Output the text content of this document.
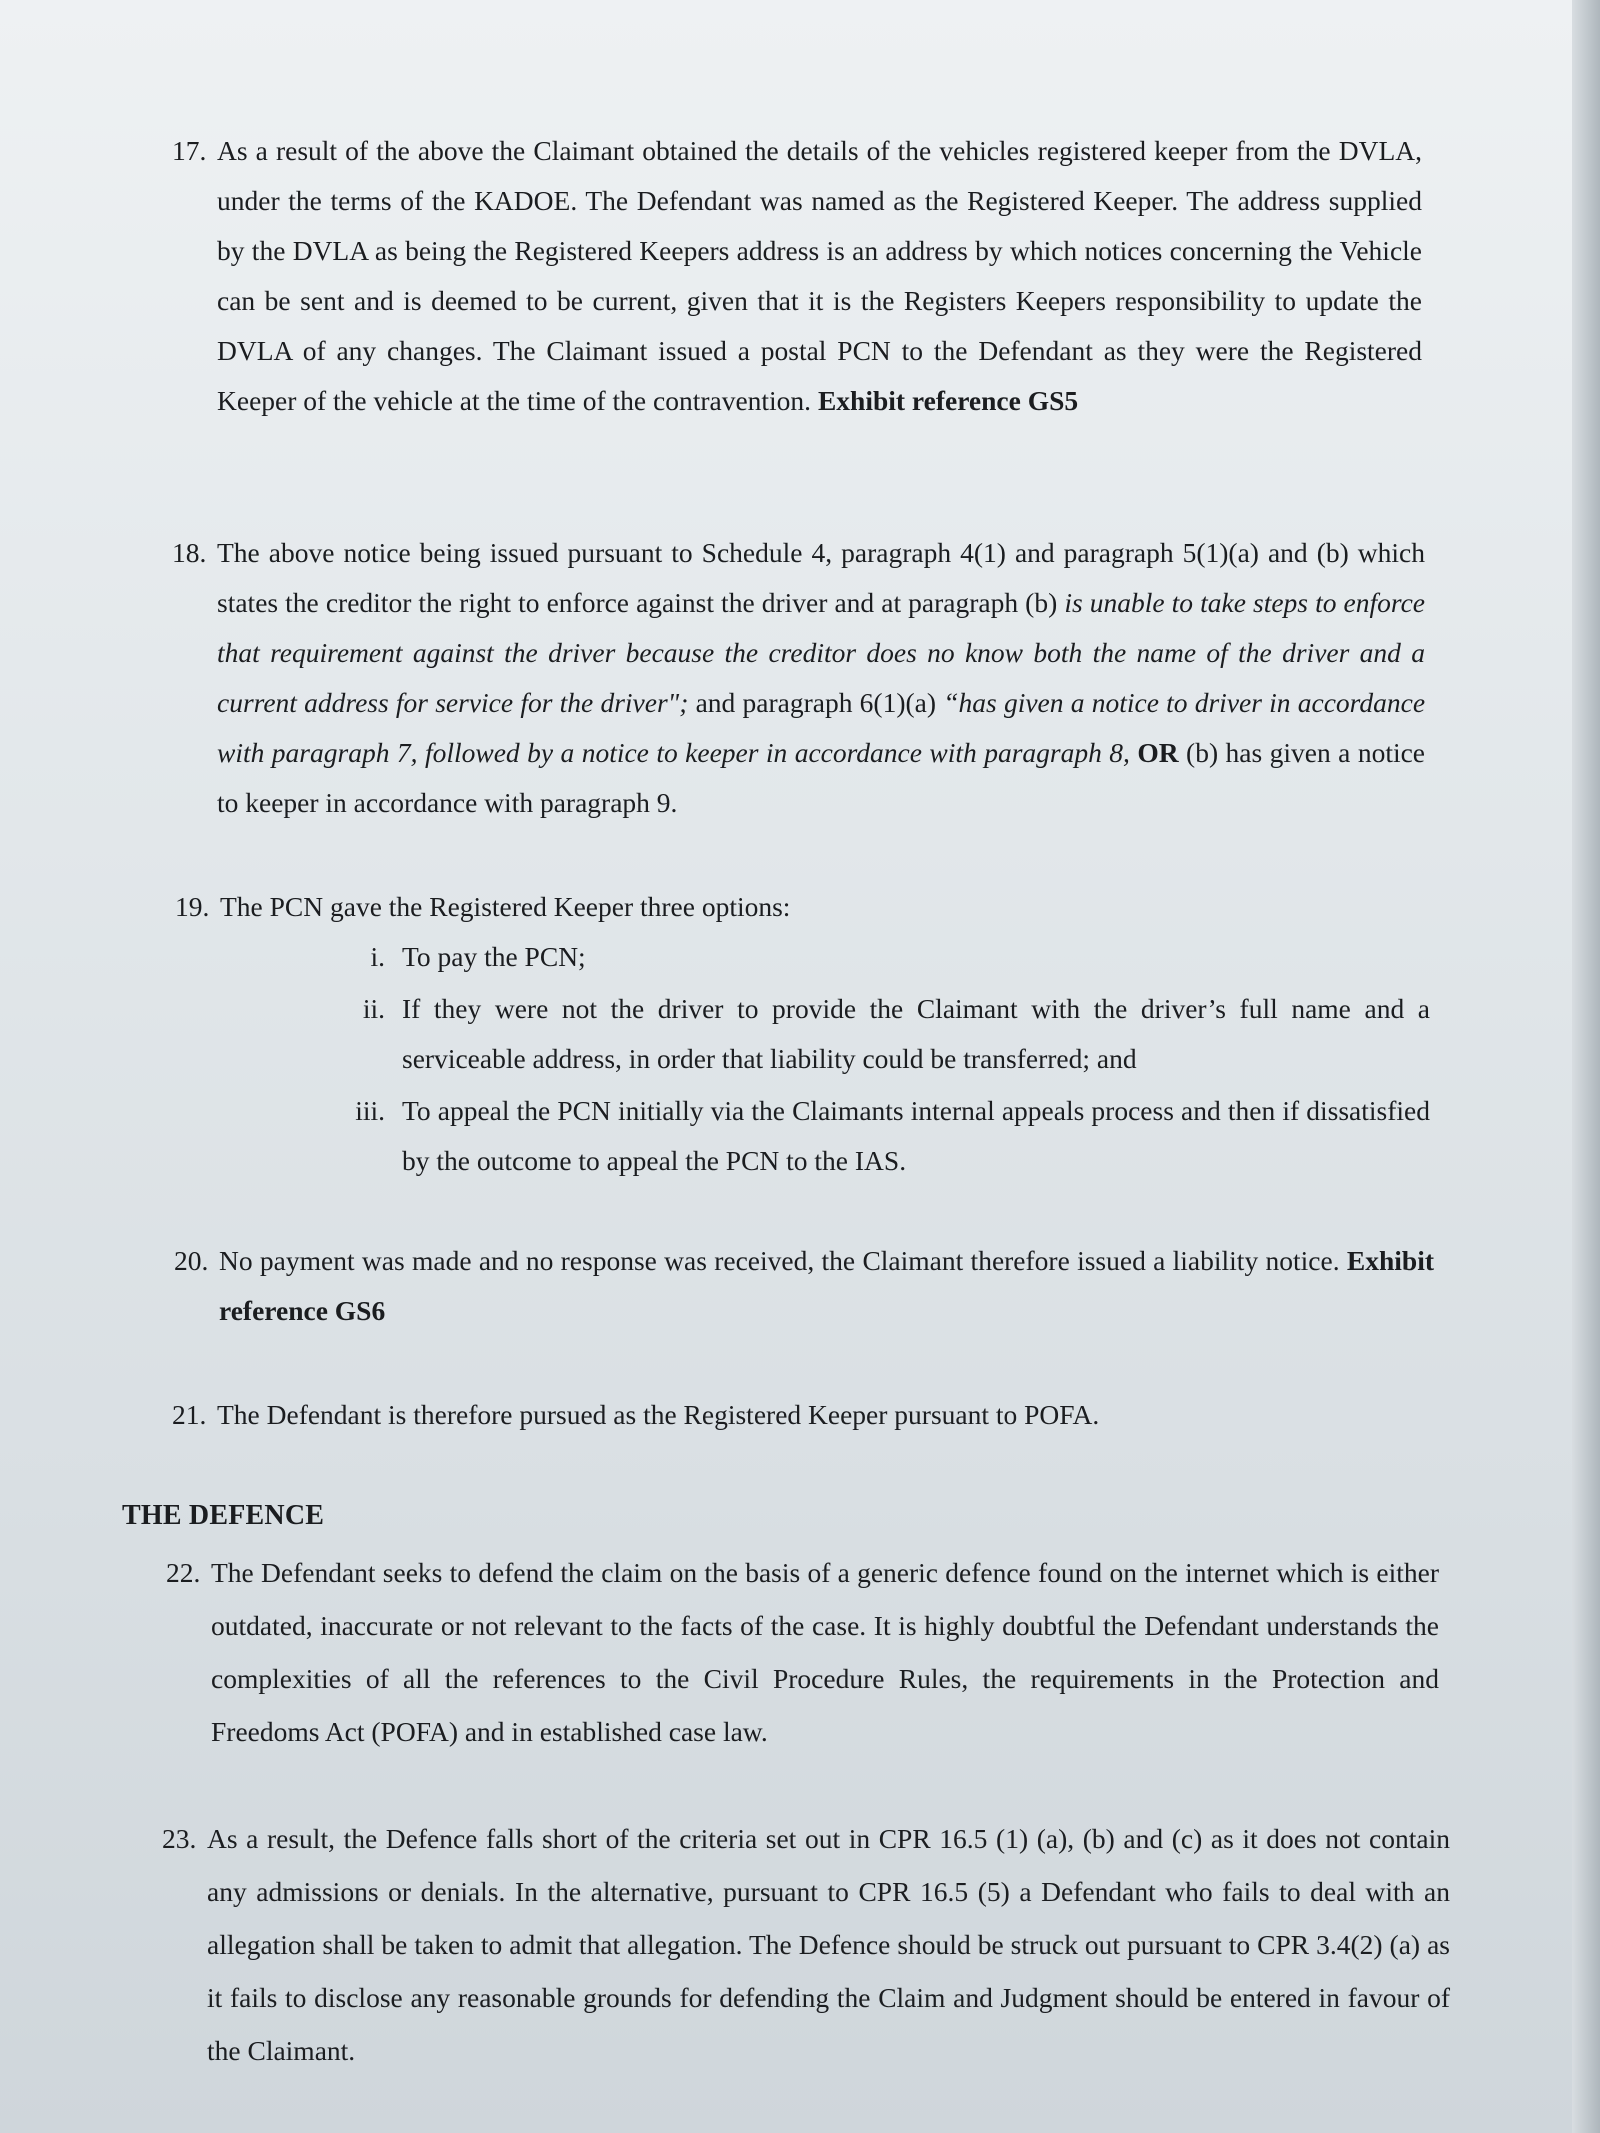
17. As a result of the above the Claimant obtained the details of the vehicles registered keeper from the DVLA, under the terms of the KADOE. The Defendant was named as the Registered Keeper. The address supplied by the DVLA as being the Registered Keepers address is an address by which notices concerning the Vehicle can be sent and is deemed to be current, given that it is the Registers Keepers responsibility to update the DVLA of any changes. The Claimant issued a postal PCN to the Defendant as they were the Registered Keeper of the vehicle at the time of the contravention. Exhibit reference GS5
18. The above notice being issued pursuant to Schedule 4, paragraph 4(1) and paragraph 5(1)(a) and (b) which states the creditor the right to enforce against the driver and at paragraph (b) is unable to take steps to enforce that requirement against the driver because the creditor does no know both the name of the driver and a current address for service for the driver"; and paragraph 6(1)(a) “has given a notice to driver in accordance with paragraph 7, followed by a notice to keeper in accordance with paragraph 8, OR (b) has given a notice to keeper in accordance with paragraph 9.
19. The PCN gave the Registered Keeper three options:
i. To pay the PCN;
ii. If they were not the driver to provide the Claimant with the driver’s full name and a serviceable address, in order that liability could be transferred; and
iii. To appeal the PCN initially via the Claimants internal appeals process and then if dissatisfied by the outcome to appeal the PCN to the IAS.
20. No payment was made and no response was received, the Claimant therefore issued a liability notice. Exhibit reference GS6
21. The Defendant is therefore pursued as the Registered Keeper pursuant to POFA.
THE DEFENCE
22. The Defendant seeks to defend the claim on the basis of a generic defence found on the internet which is either outdated, inaccurate or not relevant to the facts of the case. It is highly doubtful the Defendant understands the complexities of all the references to the Civil Procedure Rules, the requirements in the Protection and Freedoms Act (POFA) and in established case law.
23. As a result, the Defence falls short of the criteria set out in CPR 16.5 (1) (a), (b) and (c) as it does not contain any admissions or denials. In the alternative, pursuant to CPR 16.5 (5) a Defendant who fails to deal with an allegation shall be taken to admit that allegation. The Defence should be struck out pursuant to CPR 3.4(2) (a) as it fails to disclose any reasonable grounds for defending the Claim and Judgment should be entered in favour of the Claimant.
